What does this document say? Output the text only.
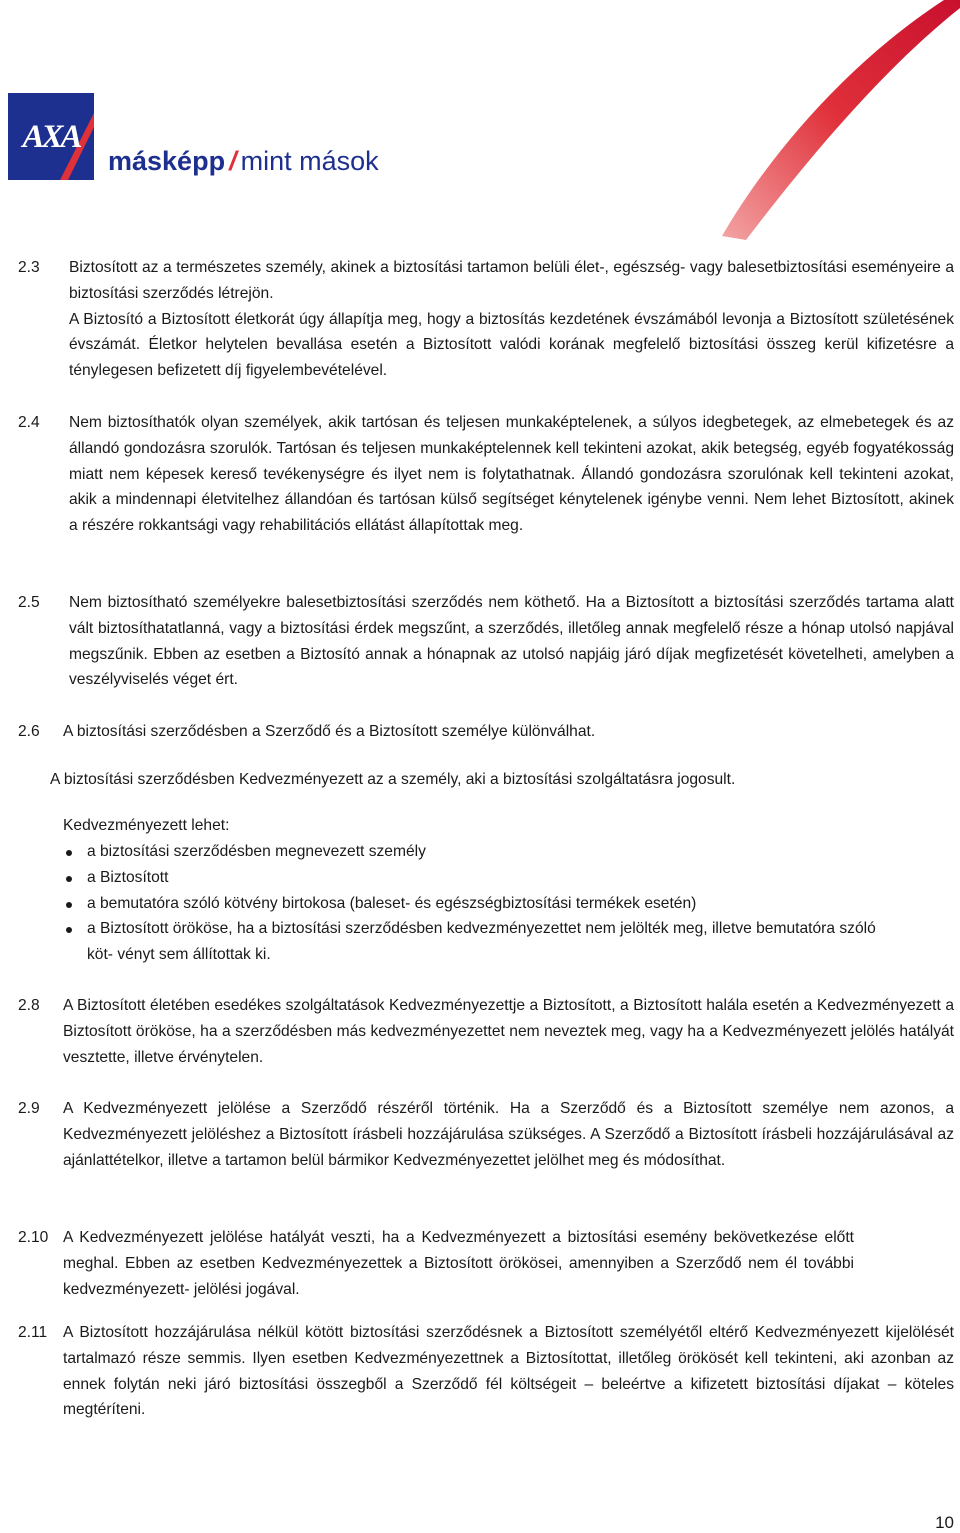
AXA
másképp / mint mások
2.3 Biztosított az a természetes személy, akinek a biztosítási tartamon belüli élet-, egészség- vagy balesetbiztosítási eseményeire a biztosítási szerződés létrejön.

A Biztosító a Biztosított életkorát úgy állapítja meg, hogy a biztosítás kezdetének évszámából levonja a Biztosított születésének évszámát. Életkor helytelen bevallása esetén a Biztosított valódi korának megfelelő biztosítási összeg kerül kifizetésre a ténylegesen befizetett díj figyelembevételével.

2.4 Nem biztosíthatók olyan személyek, akik tartósan és teljesen munkaképtelenek, a súlyos idegbetegek, az elmebetegek és az állandó gondozásra szorulók. Tartósan és teljesen munkaképtelennek kell tekinteni azokat, akik betegség, egyéb fogyatékosság miatt nem képesek kereső tevékenységre és ilyet nem is folytathatnak. Állandó gondozásra szorulónak kell tekinteni azokat, akik a mindennapi életvitelhez állandóan és tartósan külső segítséget kénytelenek igénybe venni. Nem lehet Biztosított, akinek a részére rokkantsági vagy rehabilitációs ellátást állapítottak meg.

2.5 Nem biztosítható személyekre balesetbiztosítási szerződés nem köthető. Ha a Biztosított a biztosítási szerződés tartama alatt vált biztosíthatatlanná, vagy a biztosítási érdek megszűnt, a szerződés, illetőleg annak megfelelő része a hónap utolsó napjával megszűnik. Ebben az esetben a Biztosító annak a hónapnak az utolsó napjáig járó díjak megfizetését követelheti, amelyben a veszélyviselés véget ért.

2.6 A biztosítási szerződésben a Szerződő és a Biztosított személye különválhat.

A biztosítási szerződésben Kedvezményezett az a személy, aki a biztosítási szolgáltatásra jogosult.
Kedvezményezett lehet:
a biztosítási szerződésben megnevezett személy
a Biztosított
a bemutatóra szóló kötvény birtokosa (baleset- és egészségbiztosítási termékek esetén)
a Biztosított örököse, ha a biztosítási szerződésben kedvezményezettet nem jelölték meg, illetve bemutatóra szóló köt- vényt sem állítottak ki.
2.8 A Biztosított életében esedékes szolgáltatások Kedvezményezettje a Biztosított, a Biztosított halála esetén a Kedvezményezett a Biztosított örököse, ha a szerződésben más kedvezményezettet nem neveztek meg, vagy ha a Kedvezményezett jelölés hatályát vesztette, illetve érvénytelen.

2.9 A Kedvezményezett jelölése a Szerződő részéről történik. Ha a Szerződő és a Biztosított személye nem azonos, a Kedvezményezett jelöléshez a Biztosított írásbeli hozzájárulása szükséges. A Szerződő a Biztosított írásbeli hozzájárulásával az ajánlattételkor, illetve a tartamon belül bármikor Kedvezményezettet jelölhet meg és módosíthat.

2.10 A Kedvezményezett jelölése hatályát veszti, ha a Kedvezményezett a biztosítási esemény bekövetkezése előtt meghal. Ebben az esetben Kedvezményezettek a Biztosított örökösei, amennyiben a Szerződő nem él további kedvezményezett- jelölési jogával.

2.11 A Biztosított hozzájárulása nélkül kötött biztosítási szerződésnek a Biztosított személyétől eltérő Kedvezményezett kijelölését tartalmazó része semmis. Ilyen esetben Kedvezményezettnek a Biztosítottat, illetőleg örökösét kell tekinteni, aki azonban az ennek folytán neki járó biztosítási összegből a Szerződő fél költségeit – beleértve a kifizetett biztosítási díjakat – köteles megtéríteni.

10
